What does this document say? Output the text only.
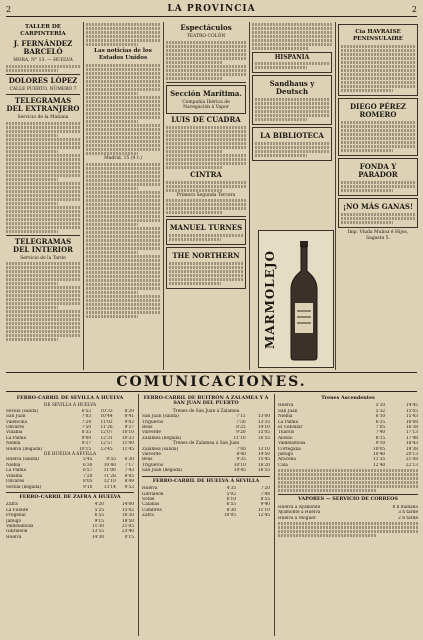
2	LA PROVINCIA	2
TALLER DE CARPINTERÍA
J. FERNÁNDEZ BARCELÓ
MORA, N° 13. — HUELVA
DOLORES LÓPEZ
CALLE PUERTO, NÚMERO 7
TELEGRAMAS DEL EXTRANJERO
Servicio de la Mañana
TELEGRAMAS DEL INTERIOR
Servicio de la Tarde
Las noticias de los Estados Unidos
Madrid, 15 (4 t.)
Espectáculos
TEATRO COLÓN
Sección Marítima.
Compañía Ibérica de Navegación á Vapor
LUIS DE CUADRA
CINTRA
Primera Segunda Tercera
MANUEL TURNES
THE NORTHERN
HISPANIA
Sandhaus y Deutsch
LA BIBLIOTECA
MARMOLEJO
Cía HAVRAISE PENINSULAIRE
DIEGO PÉREZ ROMERO
FONDA Y PARADOR
¡NO MÁS GANAS!
Imp. Viuda Muñoz é Hijos, Sagasta 5.
COMUNICACIONES.
FERRO-CARRIL DE SEVILLA Á HUELVA
DE SEVILLA Á HUELVA
Sevilla (salida)	6'52	10'33	8'29
San Juan	7'03	10'44	8'41
Valencina	7'24	11'02	9'02
Olivares	7'50	11'26	9'27
Villalba	8'35	12'07	10'10
La Palma	9'00	12'31	10'33
Niebla	9'27	12'57	11'00
Huelva (llegada)	10'15	13'45	11'45
DE HUELVA Á SEVILLA
Huelva (salida)	5'45	9'55	6'30
Niebla	6'30	10'40	7'17
La Palma	6'57	11'06	7'43
Villalba	7'20	11'28	8'05
Olivares	8'05	12'10	8'49
Sevilla (llegada)	9'10	13'14	9'53
FERRO-CARRIL DE ZAFRA Á HUELVA
Zafra	4'20	14'00
La Fuente	5'25	15'02
Fregenal	6'55	16'30
Jabugo	9'15	18'50
Valdelamusa	11'30	21'05
Gibraleón	13'55	23'40
Huelva	14'30	0'15
FERRO-CARRIL DE BUITRÓN Á ZALAMEA Y Á SAN JUAN DEL PUERTO
Trenes de San Juan á Zalamea
San Juan (salida)	7'15	13'00
Trigueros	7'50	13'35
Beas	8'25	14'10
Valverde	9'20	15'05
Zalamea (llegada)	11'10	16'55
Trenes de Zalamea á San Juan
Zalamea (salida)	7'00	13'10
Valverde	8'40	14'50
Beas	9'35	15'45
Trigueros	10'10	16'20
San Juan (llegada)	10'45	16'55
FERRO-CARRIL DE HUELVA Á SEVILLA
Huelva	4'35	7'20
Gibraleón	5'02	7'48
Sotiel	6'10	8'55
Calañas	6'55	9'40
Cumbres	8'30	11'10
Zafra	10'05	12'45
Trenes Ascendentes
Huelva	5'10	14'45
San Juan	5'32	15'05
Niebla	6'10	15'43
La Palma	6'35	16'08
El Cebollar	7'05	16'38
Tharsis	7'40	17'13
Alosno	8'15	17'48
Valdelamusa	9'10	18'43
Cortegana	10'05	19'38
Jabugo	10'40	20'13
Aracena	11'35	21'08
Cala	12'40	22'13
VAPORES — SERVICIO DE CORREOS
Huelva á Ayamonte	8 h mañana
Ayamonte á Huelva	3 h tarde
Huelva á Moguer	2 h tarde
